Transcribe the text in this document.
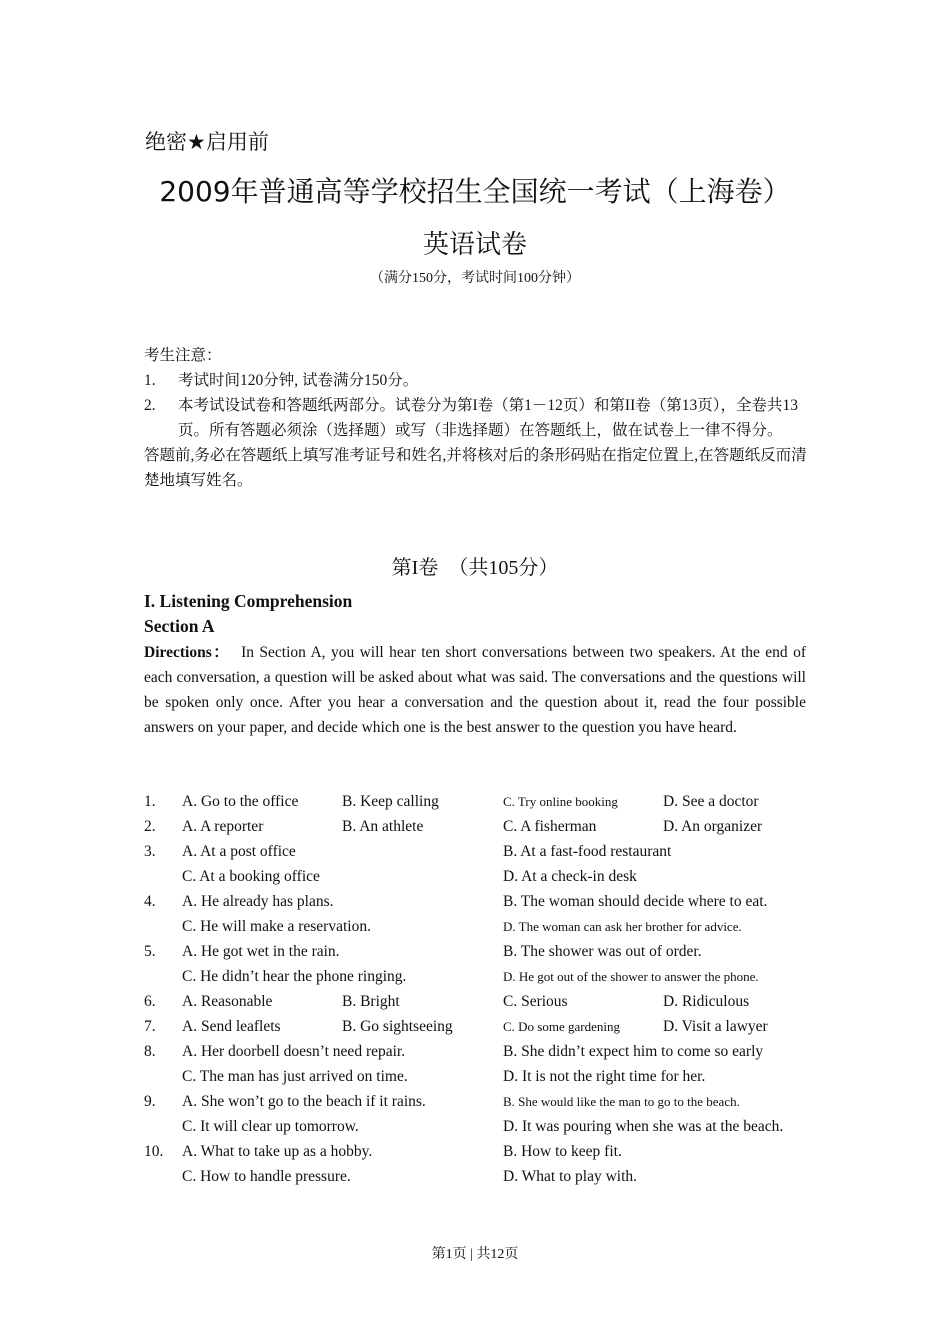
绝密★启用前
2009年普通高等学校招生全国统一考试（上海卷）
英语试卷
（满分150分，考试时间100分钟）
考生注意：
1. 考试时间120分钟, 试卷满分150分。
2. 本考试设试卷和答题纸两部分。试卷分为第I卷（第1－12页）和第II卷（第13页），全卷共13页。所有答题必须涂（选择题）或写（非选择题）在答题纸上，做在试卷上一律不得分。
答题前,务必在答题纸上填写准考证号和姓名,并将核对后的条形码贴在指定位置上,在答题纸反而清楚地填写姓名。
第I卷　（共105分）
I. Listening Comprehension
Section A
Directions： In Section A, you will hear ten short conversations between two speakers. At the end of each conversation, a question will be asked about what was said. The conversations and the questions will be spoken only once. After you hear a conversation and the question about it, read the four possible answers on your paper, and decide which one is the best answer to the question you have heard.
1. A. Go to the office	B. Keep calling	C. Try online booking	D. See a doctor
2. A. A reporter	B. An athlete	C. A fisherman	D. An organizer
3. A. At a post office	B. At a fast-food restaurant
C. At a booking office	D. At a check-in desk
4. A. He already has plans.	B. The woman should decide where to eat.
C. He will make a reservation.	D. The woman can ask her brother for advice.
5. A. He got wet in the rain.	B. The shower was out of order.
C. He didn’t hear the phone ringing.	D. He got out of the shower to answer the phone.
6. A. Reasonable	B. Bright	C. Serious	D. Ridiculous
7. A. Send leaflets	B. Go sightseeing	C. Do some gardening	D. Visit a lawyer
8. A. Her doorbell doesn’t need repair.	B. She didn’t expect him to come so early
C. The man has just arrived on time.	D. It is not the right time for her.
9. A. She won’t go to the beach if it rains.	B. She would like the man to go to the beach.
C. It will clear up tomorrow.	D. It was pouring when she was at the beach.
10. A. What to take up as a hobby.	B. How to keep fit.
C. How to handle pressure.	D. What to play with.
第1页 | 共12页
